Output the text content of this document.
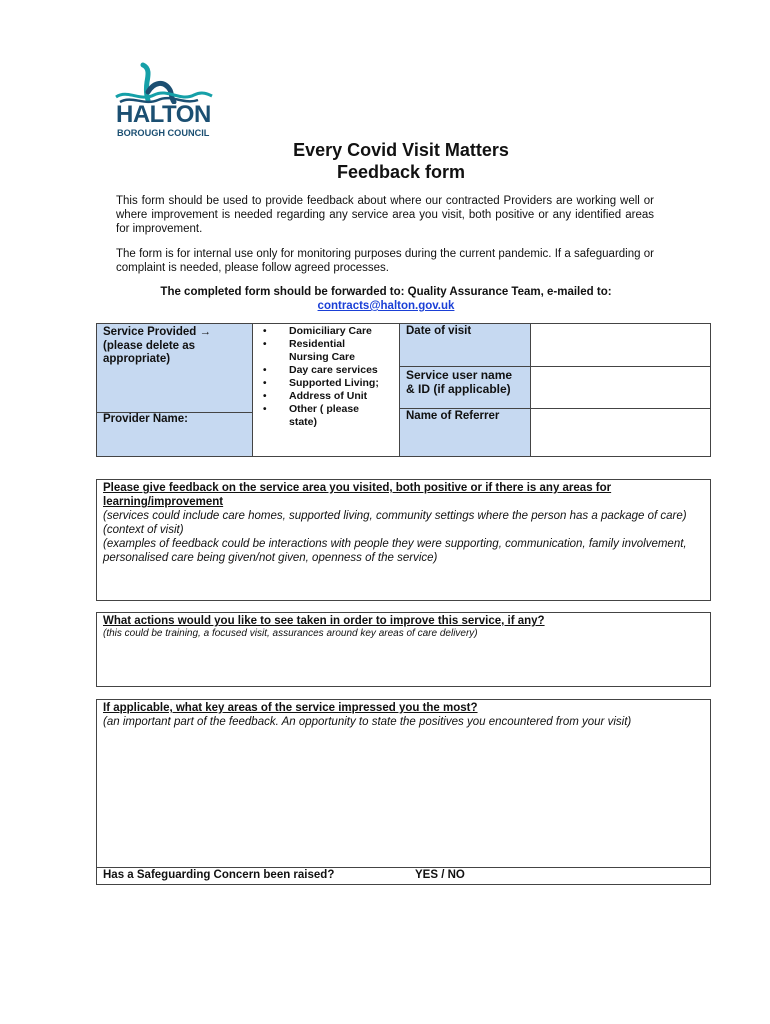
HALTON
BOROUGH COUNCIL
Every Covid Visit Matters
Feedback form
This form should be used to provide feedback about where our contracted Providers are working well or where improvement is needed regarding any service area you visit, both positive or any identified areas for improvement.
The form is for internal use only for monitoring purposes during the current pandemic. If a safeguarding or complaint is needed, please follow agreed processes.
The completed form should be forwarded to: Quality Assurance Team, e-mailed to:
contracts@halton.gov.uk
Service Provided →
(please delete as appropriate)
Provider Name:
Date of visit
Service user name & ID (if applicable)
Name of Referrer
• Domiciliary Care
• Residential Nursing Care
• Day care services
• Supported Living;
• Address of Unit
• Other ( please state)
Please give feedback on the service area you visited, both positive or if there is any areas for learning/improvement
(services could include care homes, supported living, community settings where the person has a package of care)
(context of visit)
(examples of feedback could be interactions with people they were supporting, communication, family involvement, personalised care being given/not given, openness of the service)
What actions would you like to see taken in order to improve this service, if any?
(this could be training, a focused visit, assurances around key areas of care delivery)
If applicable, what key areas of the service impressed you the most?
(an important part of the feedback. An opportunity to state the positives you encountered from your visit)
Has a Safeguarding Concern been raised?	YES / NO
